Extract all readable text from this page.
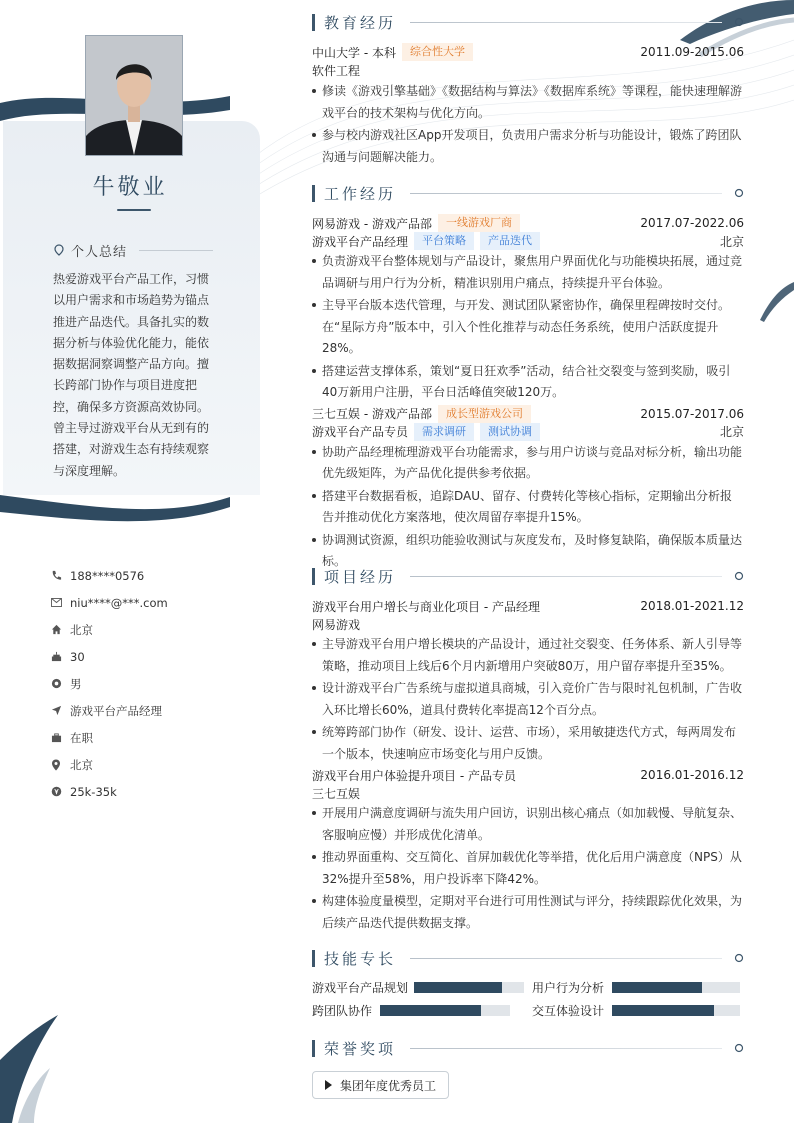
牛敬业
个人总结
热爱游戏平台产品工作，习惯以用户需求和市场趋势为锚点推进产品迭代。具备扎实的数据分析与体验优化能力，能依据数据洞察调整产品方向。擅长跨部门协作与项目进度把控，确保多方资源高效协同。曾主导过游戏平台从无到有的搭建，对游戏生态有持续观察与深度理解。
188****0576
niu****@***.com
北京
30
男
游戏平台产品经理
在职
北京
25k-35k
教育经历
中山大学 - 本科	综合性大学	2011.09-2015.06
软件工程
修读《游戏引擎基础》《数据结构与算法》《数据库系统》等课程，能快速理解游戏平台的技术架构与优化方向。
参与校内游戏社区App开发项目，负责用户需求分析与功能设计，锻炼了跨团队沟通与问题解决能力。
工作经历
网易游戏 - 游戏产品部	一线游戏厂商	2017.07-2022.06
游戏平台产品经理	平台策略	产品迭代	北京
负责游戏平台整体规划与产品设计，聚焦用户界面优化与功能模块拓展，通过竞品调研与用户行为分析，精准识别用户痛点，持续提升平台体验。
主导平台版本迭代管理，与开发、测试团队紧密协作，确保里程碑按时交付。在“星际方舟”版本中，引入个性化推荐与动态任务系统，使用户活跃度提升28%。
搭建运营支撑体系，策划“夏日狂欢季”活动，结合社交裂变与签到奖励，吸引40万新用户注册，平台日活峰值突破120万。
三七互娱 - 游戏产品部	成长型游戏公司	2015.07-2017.06
游戏平台产品专员	需求调研	测试协调	北京
协助产品经理梳理游戏平台功能需求，参与用户访谈与竞品对标分析，输出功能优先级矩阵，为产品优化提供参考依据。
搭建平台数据看板，追踪DAU、留存、付费转化等核心指标，定期输出分析报告并推动优化方案落地，使次周留存率提升15%。
协调测试资源，组织功能验收测试与灰度发布，及时修复缺陷，确保版本质量达标。
项目经历
游戏平台用户增长与商业化项目 - 产品经理	2018.01-2021.12
网易游戏
主导游戏平台用户增长模块的产品设计，通过社交裂变、任务体系、新人引导等策略，推动项目上线后6个月内新增用户突破80万，用户留存率提升至35%。
设计游戏平台广告系统与虚拟道具商城，引入竞价广告与限时礼包机制，广告收入环比增长60%，道具付费转化率提高12个百分点。
统筹跨部门协作（研发、设计、运营、市场），采用敏捷迭代方式，每两周发布一个版本，快速响应市场变化与用户反馈。
游戏平台用户体验提升项目 - 产品专员	2016.01-2016.12
三七互娱
开展用户满意度调研与流失用户回访，识别出核心痛点（如加载慢、导航复杂、客服响应慢）并形成优化清单。
推动界面重构、交互简化、首屏加载优化等举措，优化后用户满意度（NPS）从32%提升至58%，用户投诉率下降42%。
构建体验度量模型，定期对平台进行可用性测试与评分，持续跟踪优化效果，为后续产品迭代提供数据支撑。
技能专长
游戏平台产品规划	用户行为分析
跨团队协作	交互体验设计
荣誉奖项
集团年度优秀员工
